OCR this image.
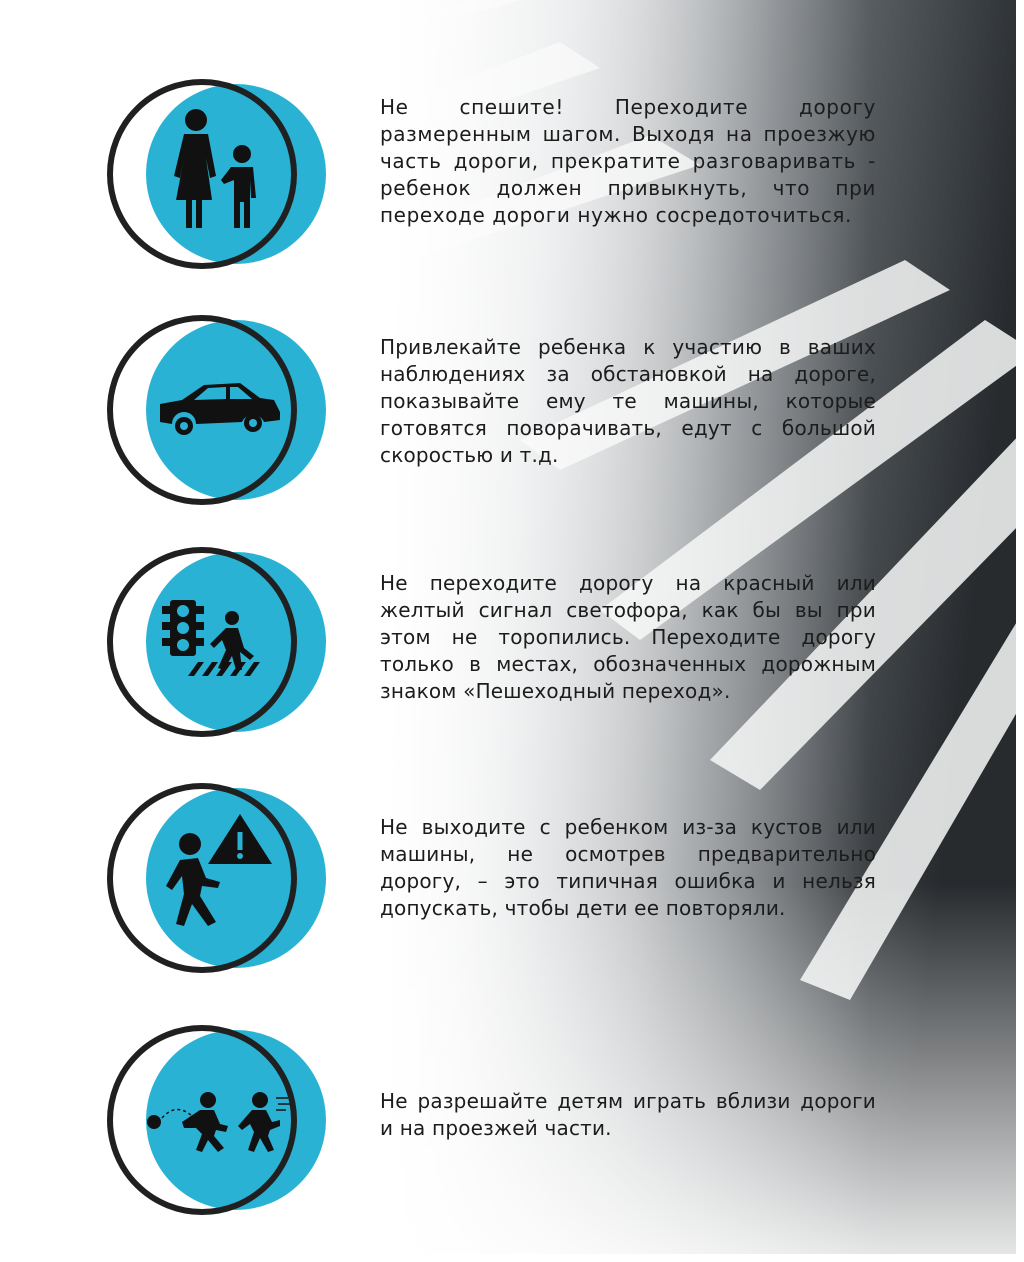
Не спешите! Переходите дорогу размеренным шагом. Выходя на проезжую часть дороги, прекратите разговаривать - ребенок должен привыкнуть, что при переходе дороги нужно сосредоточиться.
Привлекайте ребенка к участию в ваших наблюдениях за обстановкой на дороге, показывайте ему те машины, которые готовятся поворачивать, едут с большой скоростью и т.д.
Не переходите дорогу на красный или желтый сигнал светофора, как бы вы при этом не торопились. Переходите дорогу только в местах, обозначенных дорожным знаком «Пешеходный переход».
Не выходите с ребенком из-за кустов или машины, не осмотрев предварительно дорогу, – это типичная ошибка и нельзя допускать, чтобы дети ее повторяли.
Не разрешайте детям играть вблизи дороги и на проезжей части.
